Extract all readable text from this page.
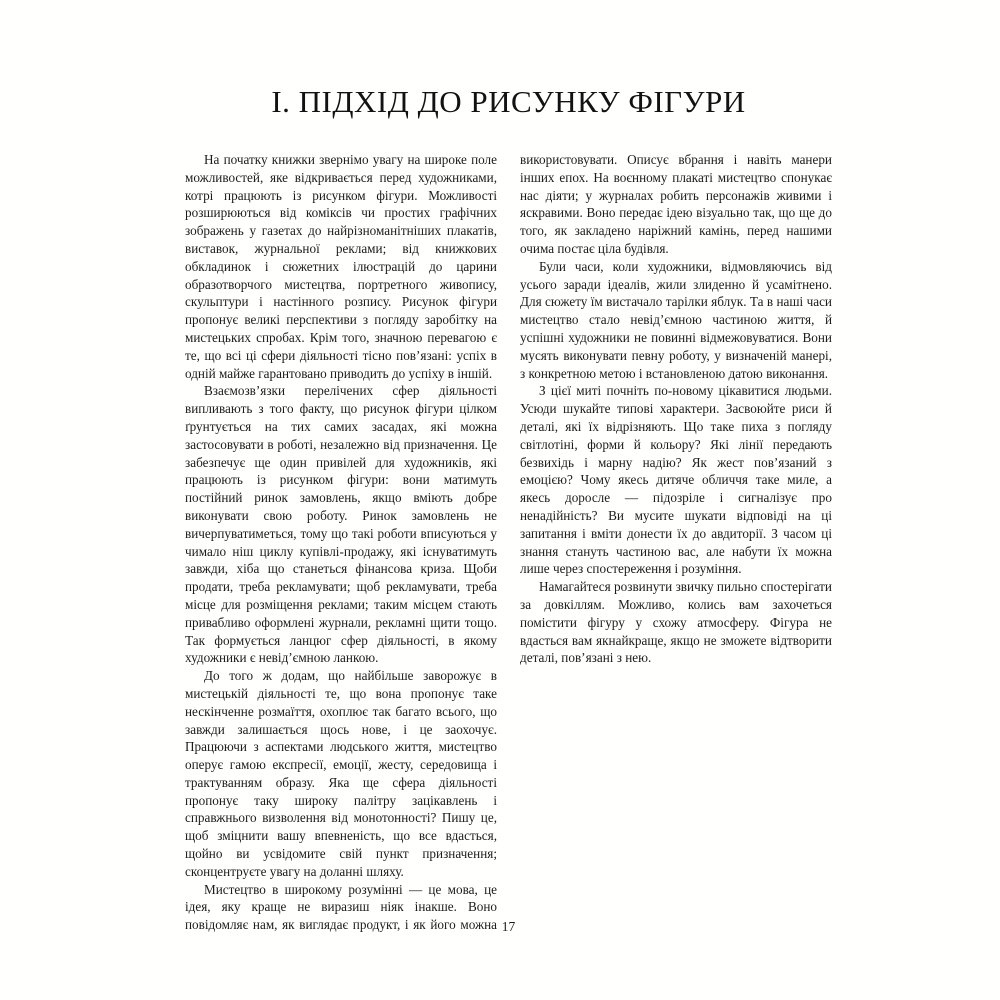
І. ПІДХІД ДО РИСУНКУ ФІГУРИ

На початку книжки звернімо увагу на широке поле можливостей, яке відкривається перед художниками, котрі працюють із рисунком фігури. Можливості розширюються від коміксів чи простих графічних зображень у газетах до найрізноманітніших плакатів, виставок, журнальної реклами; від книжкових обкладинок і сюжетних ілюстрацій до царини образотворчого мистецтва, портретного живопису, скульптури і настінного розпису. Рисунок фігури пропонує великі перспективи з погляду заробітку на мистецьких спробах. Крім того, значною перевагою є те, що всі ці сфери діяльності тісно пов’язані: успіх в одній майже гарантовано приводить до успіху в іншій.

Взаємозв’язки перелічених сфер діяльності випливають з того факту, що рисунок фігури цілком ґрунтується на тих самих засадах, які можна застосовувати в роботі, незалежно від призначення. Це забезпечує ще один привілей для художників, які працюють із рисунком фігури: вони матимуть постійний ринок замовлень, якщо вміють добре виконувати свою роботу. Ринок замовлень не вичерпуватиметься, тому що такі роботи вписуються у чимало ніш циклу купівлі-продажу, які існуватимуть завжди, хіба що станеться фінансова криза. Щоби продати, треба рекламувати; щоб рекламувати, треба місце для розміщення реклами; таким місцем стають привабливо оформлені журнали, рекламні щити тощо. Так формується ланцюг сфер діяльності, в якому художники є невід’ємною ланкою.

До того ж додам, що найбільше заворожує в мистецькій діяльності те, що вона пропонує таке нескінченне розмаїття, охоплює так багато всього, що завжди залишається щось нове, і це заохочує. Працюючи з аспектами людського життя, мистецтво оперує гамою експресії, емоції, жесту, середовища і трактуванням образу. Яка ще сфера діяльності пропонує таку широку палітру зацікавлень і справжнього визволення від монотонності? Пишу це, щоб зміцнити вашу впевненість, що все вдасться, щойно ви усвідомите свій пункт призначення; сконцентруєте увагу на доланні шляху.

Мистецтво в широкому розумінні — це мова, це ідея, яку краще не виразиш ніяк інакше. Воно повідомляє нам, як виглядає продукт, і як його можна використовувати. Описує вбрання і навіть манери інших епох. На воєнному плакаті мистецтво спонукає нас діяти; у журналах робить персонажів живими і яскравими. Воно передає ідею візуально так, що ще до того, як закладено наріжний камінь, перед нашими очима постає ціла будівля.

Були часи, коли художники, відмовляючись від усього заради ідеалів, жили злиденно й усамітнено. Для сюжету їм вистачало тарілки яблук. Та в наші часи мистецтво стало невід’ємною частиною життя, й успішні художники не повинні відмежовуватися. Вони мусять виконувати певну роботу, у визначеній манері, з конкретною метою і встановленою датою виконання.

З цієї миті почніть по-новому цікавитися людьми. Усюди шукайте типові характери. Засвоюйте риси й деталі, які їх відрізняють. Що таке пиха з погляду світлотіні, форми й кольору? Які лінії передають безвихідь і марну надію? Як жест пов’язаний з емоцією? Чому якесь дитяче обличчя таке миле, а якесь доросле — підозріле і сигналізує про ненадійність? Ви мусите шукати відповіді на ці запитання і вміти донести їх до авдиторії. З часом ці знання стануть частиною вас, але набути їх можна лише через спостереження і розуміння.

Намагайтеся розвинути звичку пильно спостерігати за довкіллям. Можливо, колись вам захочеться помістити фігуру у схожу атмосферу. Фігура не вдасться вам якнайкраще, якщо не зможете відтворити деталі, пов’язані з нею.

17
